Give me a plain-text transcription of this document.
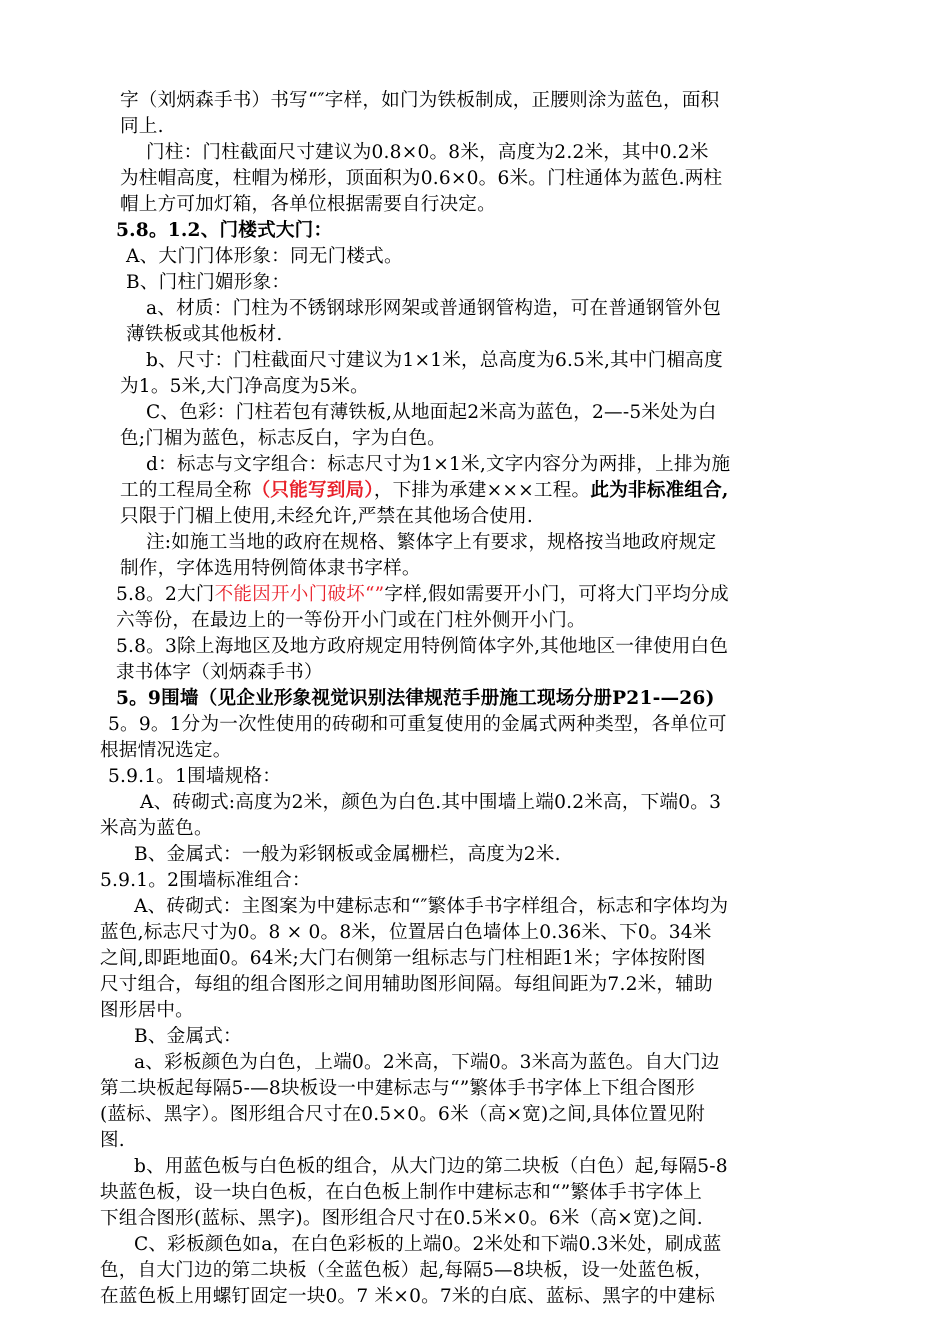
字（刘炳森手书）书写“″字样，如门为铁板制成，正腰则涂为蓝色，面积
同上.
门柱：门柱截面尺寸建议为0.8×0。8米，高度为2.2米，其中0.2米
为柱帽高度，柱帽为梯形，顶面积为0.6×0。6米。门柱通体为蓝色.两柱
帽上方可加灯箱，各单位根据需要自行决定。
5.8。1.2、门楼式大门：
A、大门门体形象：同无门楼式。
B、门柱门媚形象：
a、材质：门柱为不锈钢球形网架或普通钢管构造，可在普通钢管外包
薄铁板或其他板材.
b、尺寸：门柱截面尺寸建议为1×1米，总高度为6.5米,其中门楣高度
为1。5米,大门净高度为5米。
C、色彩：门柱若包有薄铁板,从地面起2米高为蓝色，2—-5米处为白
色;门楣为蓝色，标志反白，字为白色。
d：标志与文字组合：标志尺寸为1×1米,文字内容分为两排，上排为施
工的工程局全称（只能写到局），下排为承建×××工程。此为非标准组合,
只限于门楣上使用,未经允许,严禁在其他场合使用.
注:如施工当地的政府在规格、繁体字上有要求，规格按当地政府规定
制作，字体选用特例简体隶书字样。
5.8。2大门不能因开小门破坏“”字样,假如需要开小门，可将大门平均分成
六等份，在最边上的一等份开小门或在门柱外侧开小门。
5.8。3除上海地区及地方政府规定用特例简体字外,其他地区一律使用白色
隶书体字（刘炳森手书）
5。9围墙（见企业形象视觉识别法律规范手册施工现场分册P21-—26)
5。9。1分为一次性使用的砖砌和可重复使用的金属式两种类型，各单位可
根据情况选定。
5.9.1。1围墙规格：
A、砖砌式:高度为2米，颜色为白色.其中围墙上端0.2米高，下端0。3
米高为蓝色。
B、金属式：一般为彩钢板或金属栅栏，高度为2米.
5.9.1。2围墙标准组合：
A、砖砌式：主图案为中建标志和“″繁体手书字样组合，标志和字体均为
蓝色,标志尺寸为0。8 × 0。8米，位置居白色墙体上0.36米、下0。34米
之间,即距地面0。64米;大门右侧第一组标志与门柱相距1米；字体按附图
尺寸组合，每组的组合图形之间用辅助图形间隔。每组间距为7.2米，辅助
图形居中。
B、金属式：
a、彩板颜色为白色，上端0。2米高，下端0。3米高为蓝色。自大门边
第二块板起每隔5-—8块板设一中建标志与“”繁体手书字体上下组合图形
(蓝标、黑字）。图形组合尺寸在0.5×0。6米（高×宽)之间,具体位置见附
图.
b、用蓝色板与白色板的组合，从大门边的第二块板（白色）起,每隔5-8
块蓝色板，设一块白色板，在白色板上制作中建标志和“”繁体手书字体上
下组合图形(蓝标、黑字)。图形组合尺寸在0.5米×0。6米（高×宽)之间.
C、彩板颜色如a，在白色彩板的上端0。2米处和下端0.3米处，刷成蓝
色，自大门边的第二块板（全蓝色板）起,每隔5—8块板，设一处蓝色板，
在蓝色板上用螺钉固定一块0。7 米×0。7米的白底、蓝标、黑字的中建标
